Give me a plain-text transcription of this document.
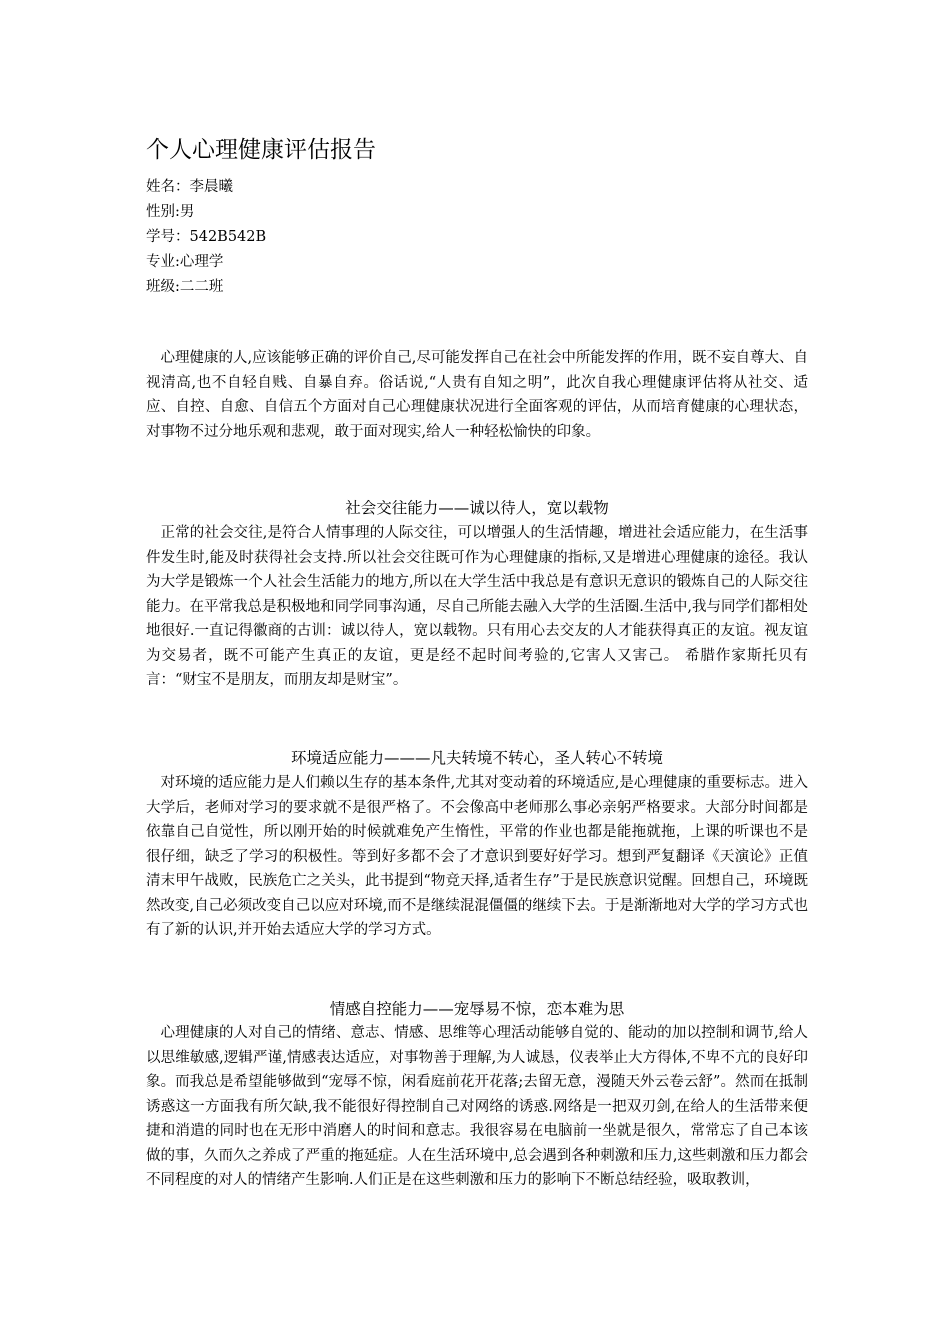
个人心理健康评估报告
姓名：李晨曦
性别:男
学号：542B542B
专业:心理学
班级:二二班

心理健康的人,应该能够正确的评价自己,尽可能发挥自己在社会中所能发挥的作用，既不妄自尊大、自视清高,也不自轻自贱、自暴自弃。俗话说,“人贵有自知之明”，此次自我心理健康评估将从社交、适应、自控、自愈、自信五个方面对自己心理健康状况进行全面客观的评估，从而培育健康的心理状态，对事物不过分地乐观和悲观，敢于面对现实,给人一种轻松愉快的印象。

社会交往能力——诚以待人，宽以载物

正常的社会交往,是符合人情事理的人际交往，可以增强人的生活情趣，增进社会适应能力，在生活事件发生时,能及时获得社会支持.所以社会交往既可作为心理健康的指标,又是增进心理健康的途径。我认为大学是锻炼一个人社会生活能力的地方,所以在大学生活中我总是有意识无意识的锻炼自己的人际交往能力。在平常我总是积极地和同学同事沟通，尽自己所能去融入大学的生活圈.生活中,我与同学们都相处地很好.一直记得徽商的古训：诚以待人，宽以载物。只有用心去交友的人才能获得真正的友谊。视友谊为交易者，既不可能产生真正的友谊，更是经不起时间考验的,它害人又害己。 希腊作家斯托贝有言：“财宝不是朋友，而朋友却是财宝”。

环境适应能力———凡夫转境不转心，圣人转心不转境

对环境的适应能力是人们赖以生存的基本条件,尤其对变动着的环境适应,是心理健康的重要标志。进入大学后，老师对学习的要求就不是很严格了。不会像高中老师那么事必亲躬严格要求。大部分时间都是依靠自己自觉性，所以刚开始的时候就难免产生惰性，平常的作业也都是能拖就拖，上课的听课也不是很仔细，缺乏了学习的积极性。等到好多都不会了才意识到要好好学习。想到严复翻译《天演论》正值清末甲午战败，民族危亡之关头，此书提到“物竞天择,适者生存”于是民族意识觉醒。回想自己，环境既然改变,自己必须改变自己以应对环境,而不是继续混混僵僵的继续下去。于是渐渐地对大学的学习方式也有了新的认识,并开始去适应大学的学习方式。

情感自控能力——宠辱易不惊，恋本难为思

心理健康的人对自己的情绪、意志、情感、思维等心理活动能够自觉的、能动的加以控制和调节,给人以思维敏感,逻辑严谨,情感表达适应，对事物善于理解,为人诚恳，仪表举止大方得体,不卑不亢的良好印象。而我总是希望能够做到“宠辱不惊，闲看庭前花开花落;去留无意，漫随天外云卷云舒”。然而在抵制诱惑这一方面我有所欠缺,我不能很好得控制自己对网络的诱惑.网络是一把双刃剑,在给人的生活带来便捷和消遣的同时也在无形中消磨人的时间和意志。我很容易在电脑前一坐就是很久，常常忘了自己本该做的事，久而久之养成了严重的拖延症。人在生活环境中,总会遇到各种刺激和压力,这些刺激和压力都会不同程度的对人的情绪产生影响.人们正是在这些刺激和压力的影响下不断总结经验，吸取教训，
